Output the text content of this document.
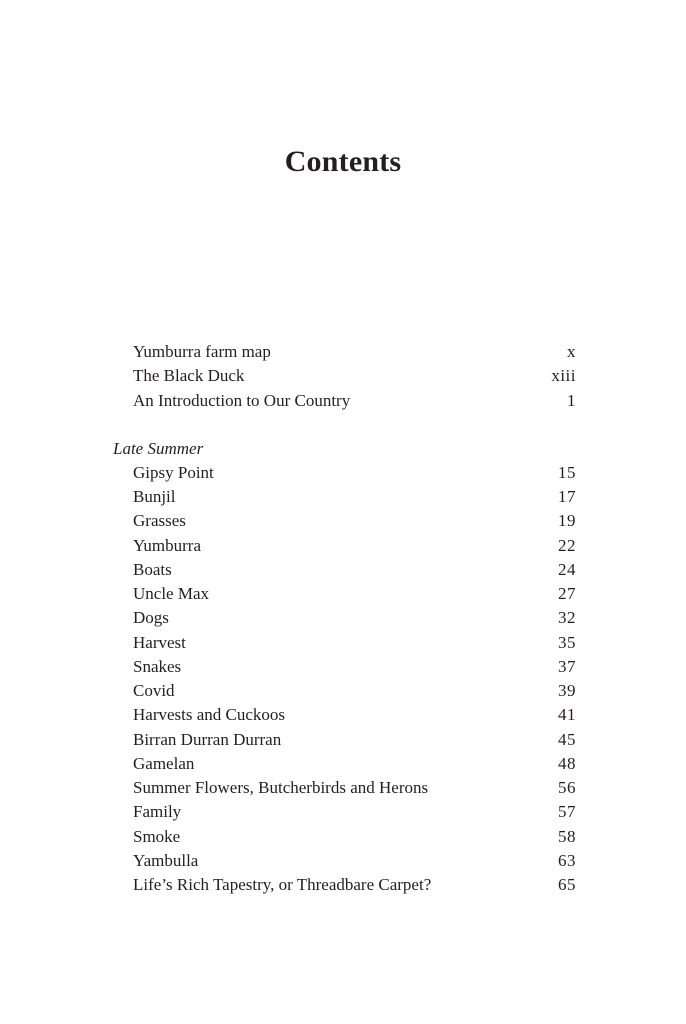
Contents
Yumburra farm map	x
The Black Duck	xiii
An Introduction to Our Country	1
Late Summer
Gipsy Point	15
Bunjil	17
Grasses	19
Yumburra	22
Boats	24
Uncle Max	27
Dogs	32
Harvest	35
Snakes	37
Covid	39
Harvests and Cuckoos	41
Birran Durran Durran	45
Gamelan	48
Summer Flowers, Butcherbirds and Herons	56
Family	57
Smoke	58
Yambulla	63
Life’s Rich Tapestry, or Threadbare Carpet?	65
